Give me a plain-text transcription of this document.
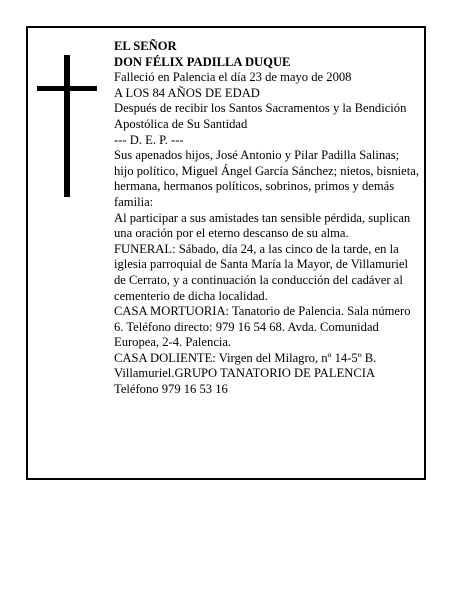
EL SEÑOR

DON FÉLIX PADILLA DUQUE

Falleció en Palencia el día 23 de mayo de 2008

A LOS 84 AÑOS DE EDAD

Después de recibir los Santos Sacramentos y la Bendición Apostólica de Su Santidad

--- D. E. P. ---

Sus apenados hijos, José Antonio y Pilar Padilla Salinas; hijo político, Miguel Ángel García Sánchez; nietos, bisnieta, hermana, hermanos políticos, sobrinos, primos y demás familia:

Al participar a sus amistades tan sensible pérdida, suplican una oración por el eterno descanso de su alma.

FUNERAL: Sábado, día 24, a las cinco de la tarde, en la iglesia parroquial de Santa María la Mayor, de Villamuriel de Cerrato, y a continuación la conducción del cadáver al cementerio de dicha localidad.

CASA MORTUORIA: Tanatorio de Palencia. Sala número 6. Teléfono directo: 979 16 54 68. Avda. Comunidad Europea, 2-4. Palencia.

CASA DOLIENTE: Virgen del Milagro, nº 14-5º B. Villamuriel.GRUPO TANATORIO DE PALENCIA Teléfono 979 16 53 16
